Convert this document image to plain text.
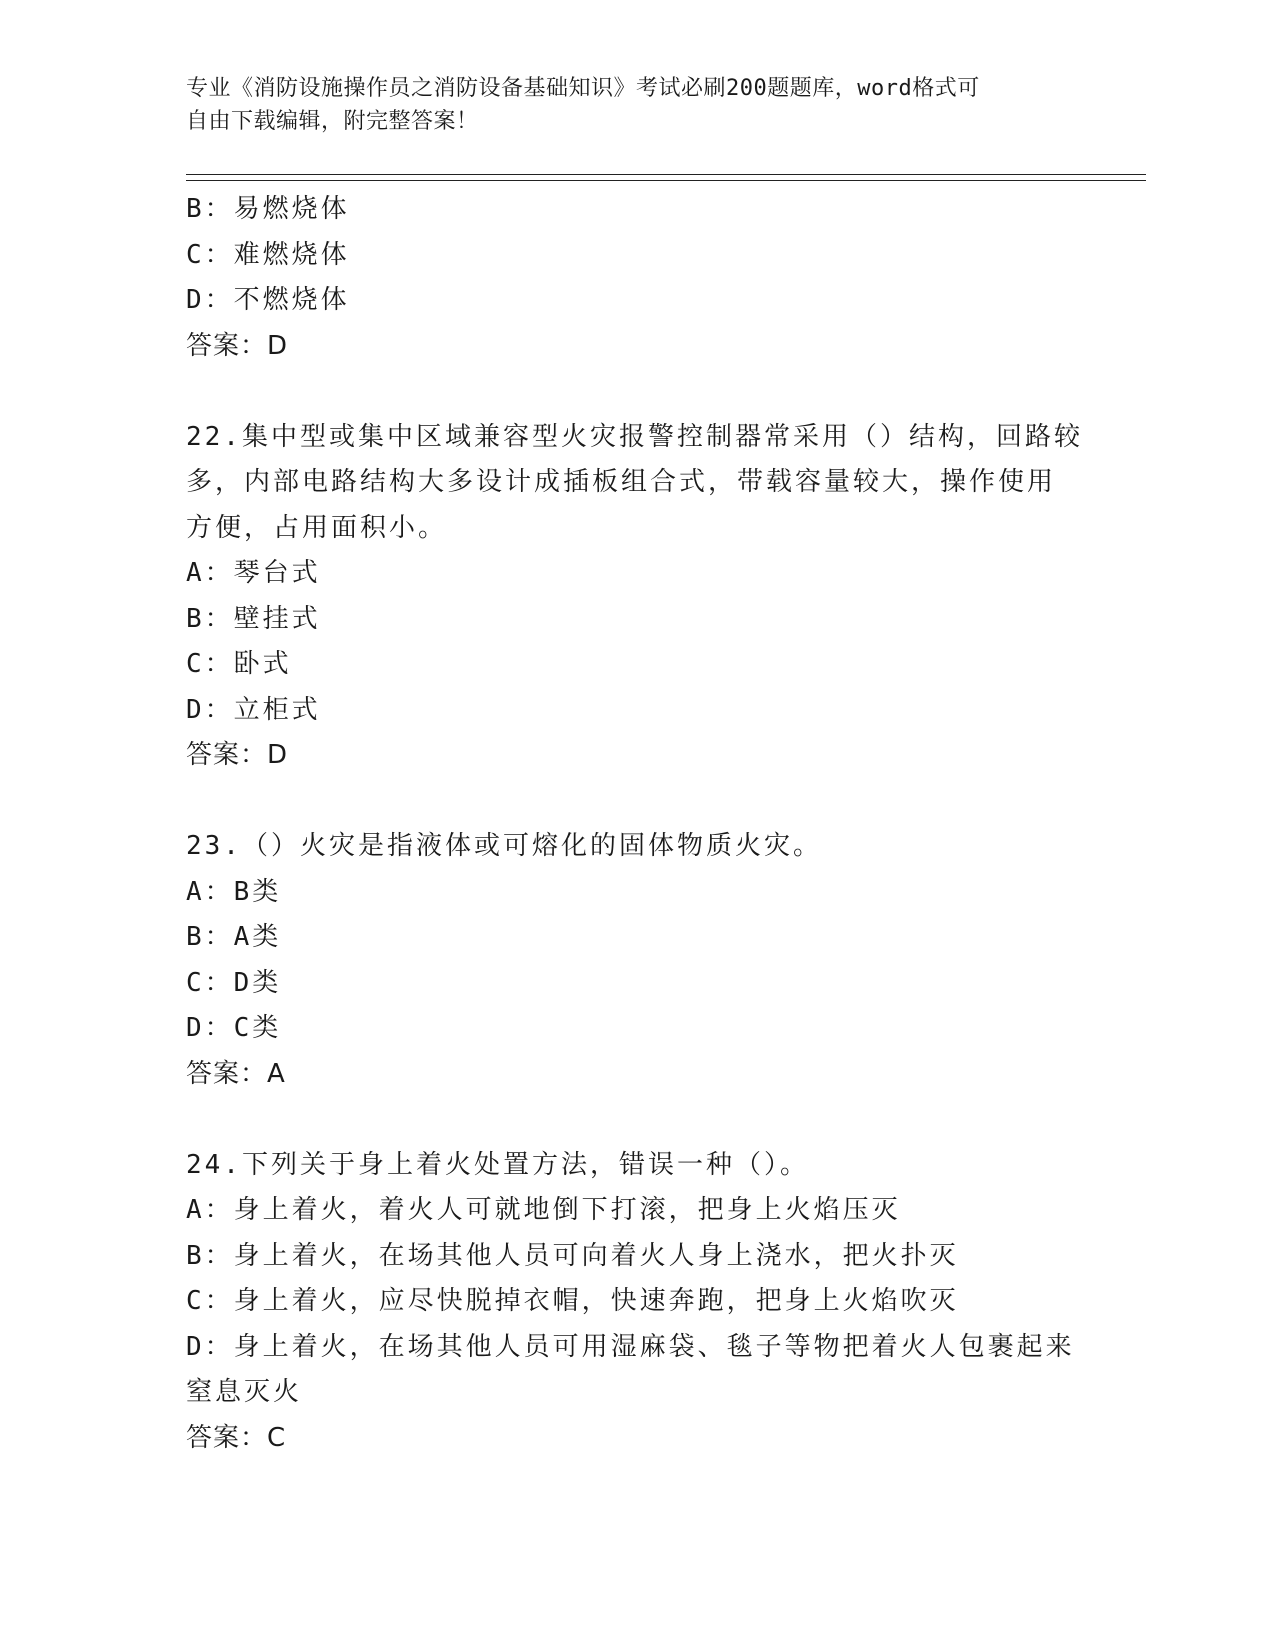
专业《消防设施操作员之消防设备基础知识》考试必刷200题题库，word格式可
自由下载编辑，附完整答案！
B：易燃烧体
C：难燃烧体
D：不燃烧体
答案：D
22.集中型或集中区域兼容型火灾报警控制器常采用（）结构，回路较
多，内部电路结构大多设计成插板组合式，带载容量较大，操作使用
方便，占用面积小。
A：琴台式
B：壁挂式
C：卧式
D：立柜式
答案：D
23.（）火灾是指液体或可熔化的固体物质火灾。
A：B类
B：A类
C：D类
D：C类
答案：A
24.下列关于身上着火处置方法，错误一种（）。
A：身上着火，着火人可就地倒下打滚，把身上火焰压灭
B：身上着火，在场其他人员可向着火人身上浇水，把火扑灭
C：身上着火，应尽快脱掉衣帽，快速奔跑，把身上火焰吹灭
D：身上着火，在场其他人员可用湿麻袋、毯子等物把着火人包裹起来
窒息灭火
答案：C
